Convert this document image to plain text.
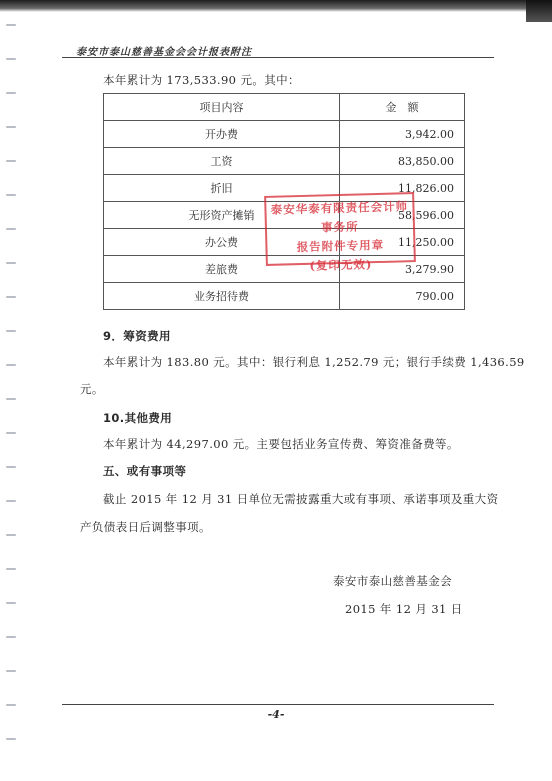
泰安市泰山慈善基金会会计报表附注
本年累计为 173,533.90 元。其中：
项目内容	金　额
开办费	3,942.00
工资	83,850.00
折旧	11,826.00
无形资产摊销	58,596.00
办公费	11,250.00
差旅费	3,279.90
业务招待费	790.00
泰安华泰有限责任会计师事务所
报告附件专用章
(复印无效)
9．筹资费用
本年累计为 183.80 元。其中：银行利息 1,252.79 元；银行手续费 1,436.59
元。
10.其他费用
本年累计为 44,297.00 元。主要包括业务宣传费、筹资准备费等。
五、或有事项等
截止 2015 年 12 月 31 日单位无需披露重大或有事项、承诺事项及重大资
产负债表日后调整事项。
泰安市泰山慈善基金会
2015 年 12 月 31 日
-4-
